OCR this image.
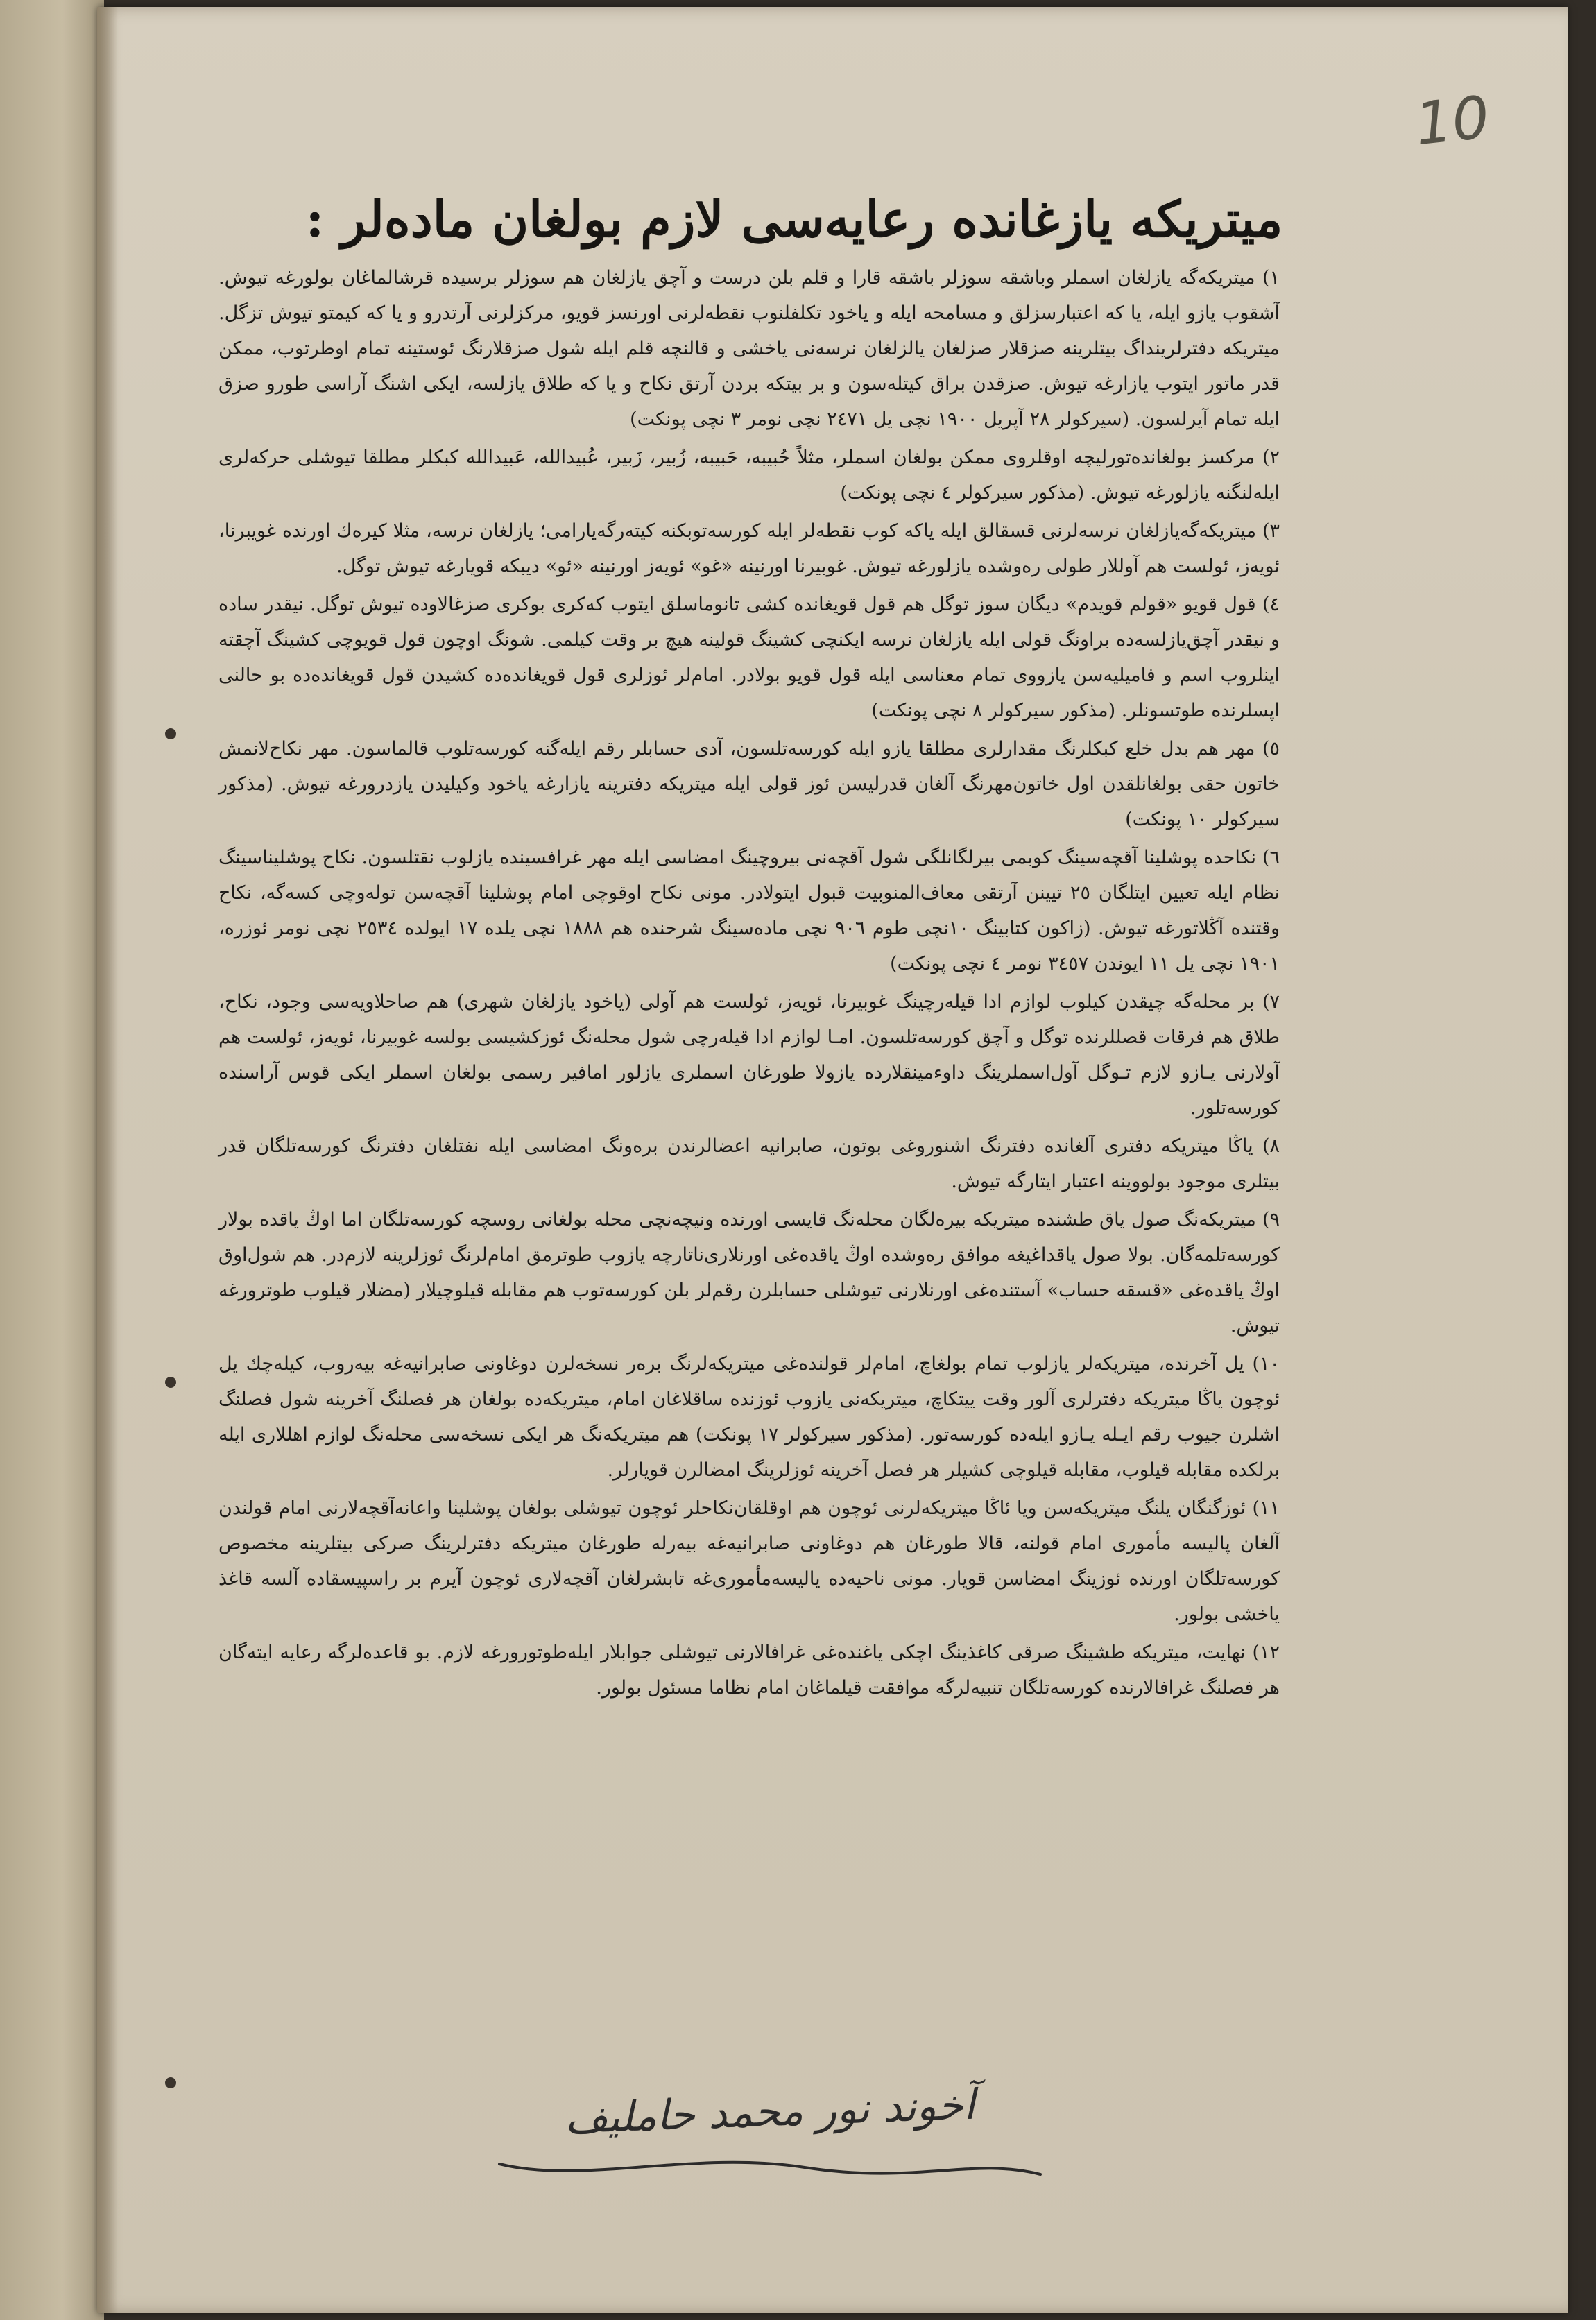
10
میتریکه یازغانده رعایه‌سی لازم بولغان ماده‌لر :

١) میتریکه‌گه یازلغان اسملر وباشقه سوزلر باشقه قارا و قلم بلن درست و آچق یازلغان هم سوزلر برسیده قرشالماغان بولورغه تیوش. آشقوب یازو ایله، یا که اعتبارسزلق و مسامحه ایله و یاخود تکلفلنوب نقطه‌لرنی اورنسز قویو، مرکزلرنی آرتدرو و یا که کیمتو تیوش تزگل. میتریکه دفترلرینداگ بیتلرینه صزقلار صزلغان یالزلغان نرسه‌نی یاخشی و قالنچه قلم ایله شول صزقلارنگ ئوستینه تمام اوطرتوب، ممکن قدر ماتور ایتوب یازارغه تیوش. صزقدن براق کیتله‌سون و بر بیتکه بردن آرتق نکاح و یا که طلاق یازلسه، ایکی اشنگ آراسی طورو صزق ایله تمام آیرلسون. (سیرکولر ٢٨ آپریل ١٩٠٠ نچی یل ٢٤٧١ نچی نومر ٣ نچی پونکت)

٢) مرکسز بولغانده‌تورلیچه اوقلروی ممکن بولغان اسملر، مثلاً حُبیبه، حَبیبه، زُبیر، زَبیر، عُبیدالله، عَبیدالله کبکلر مطلقا تیوشلی حرکه‌لری ایله‌لنگنه یازلورغه تیوش. (مذکور سیرکولر ٤ نچی پونکت)

٣) میتریکه‌گه‌یازلغان نرسه‌لرنی قسقالق ایله یاکه کوب نقطه‌لر ایله کورسه‌توبکنه کیته‌رگه‌یارامی؛ یازلغان نرسه، مثلا کیره‌ك اورنده غویبرنا، ئویه‌ز، ئولست هم آوللار طولی رەوشده یازلورغه تیوش. غوبیرنا اورنینه «غو» ئویه‌ز اورنینه «ئو» دیبکه قویارغه تیوش توگل.

٤) قول قویو «قولم قویدم» دیگان سوز توگل هم قول قویغانده کشی تانوماسلق ایتوب کەکری بوکری صزغالاوده تیوش توگل. نیقدر ساده و نیقدر آچق‌یازلسه‌ده براونگ قولی ایله یازلغان نرسه ایکنچی کشینگ قولینه هیچ بر وقت کیلمی. شونگ اوچون قول قویوچی کشینگ آچقته اینلروب اسم و فامیلیه‌سن یازووی تمام معناسی ایله قول قویو بولادر. امام‌لر ئوزلری قول قویغانده‌ده کشیدن قول قویغانده‌ده بو حالنی اپسلرنده طوتسونلر. (مذکور سیرکولر ٨ نچی پونکت)

٥) مهر هم بدل خلع کبکلرنگ مقدارلری مطلقا یازو ایله کورسه‌تلسون، آدی حسابلر رقم ایله‌گنه کورسه‌تلوب قالماسون. مهر نکاح‌لانمش خاتون حقی بولغانلقدن اول خاتون‌مهرنگ آلغان قدرلیسن ئوز قولی ایله میتریکه دفترینه یازارغه یاخود وکیلیدن یازدرورغه تیوش. (مذکور سیرکولر ١٠ پونکت)

٦) نکاحده پوشلینا آقچه‌سینگ کوبمی بیرلگانلگی شول آقچه‌نی بیروچینگ امضاسی ایله مهر غرافسینده یازلوب نقتلسون. نکاح پوشلیناسینگ نظام ایله تعیین ایتلگان ٢٥ تیینن آرتقی معاف‌المنوبیت قبول ایتولادر. مونی نکاح اوقوچی امام پوشلینا آقچه‌سن تولەوچی کسەگه، نکاح وقتنده آڭلاتورغه تیوش. (زاکون کتابینگ ١٠نچی طوم ٩٠٦ نچی ماده‌سینگ شرحنده هم ١٨٨٨ نچی یلده ١٧ ایولده ٢٥٣٤ نچی نومر ئوزره، ١٩٠١ نچی یل ١١ ایوندن ٣٤٥٧ نومر ٤ نچی پونکت)

٧) بر محله‌گه چیقدن کیلوب لوازم ادا قیلەرچینگ غوبیرنا، ئویه‌ز، ئولست هم آولی (یاخود یازلغان شهری) هم صاحلاویه‌سی وجود، نکاح، طلاق هم فرقات قصللرنده توگل و آچق کورسه‌تلسون. امـا لوازم ادا قیلەرچی شول محله‌نگ ئوزکشیسی بولسه غوبیرنا، ئویه‌ز، ئولست هم آولارنی یـازو لازم تـوگل آول‌اسملرینگ داوءمینقلاردە یازولا طورغان اسملری یازلور امافیر رسمی بولغان اسملر ایکی قوس آراسنده کورسه‌تلور.

٨) یاڭا میتریکه دفتری آلغانده دفترنگ اشنوروغی بوتون، صابرانیه اعضالرندن برەونگ امضاسی ایله نفتلغان دفترنگ کورسه‌تلگان قدر بیتلری موجود بولووینه اعتبار ایتارگه تیوش.

٩) میتریکه‌نگ صول یاق طشنده میتریکه بیره‌لگان محله‌نگ قایسی اورنده ونیچه‌نچی محله بولغانی روسچه کورسه‌تلگان اما اوڭ یاقده بولار کورسه‌تلمه‌گان. بولا صول یاقداغیغه موافق رەوشده اوڭ یاقدەغی اورنلاری‌ناتارچه یازوب طوترمق امام‌لرنگ ئوزلرینه لازم‌در. هم شول‌اوق اوڭ یاقدەغی «قسقه حساب» آستنده‌غی اورنلارنی تیوشلی حسابلرن رقم‌لر بلن کورسه‌توب هم مقابله قیلوچیلار (مضلار قیلوب طوترورغه تیوش.

١٠) یل آخرنده، میتریکه‌لر یازلوب تمام بولغاچ، امام‌لر قولنده‌غی میتریکه‌لرنگ بره‌ر نسخه‌لرن دوغاونی صابرانیه‌غه بیه‌روب، کیله‌چك یل ئوچون یاڭا میتریکه دفترلری آلور وقت ییتکاچ، میتریکه‌نی یازوب ئوزنده ساقلاغان امام، میتریکه‌ده بولغان هر فصلنگ آخرینه شول فصلنگ اشلرن جیوب رقم ایـله یـازو ایله‌ده کورسه‌تور. (مذکور سیرکولر ١٧ پونکت) هم میتریکه‌نگ هر ایکی نسخه‌سی محله‌نگ لوازم اهللاری ایله برلکده مقابله قیلوب، مقابله قیلوچی کشیلر هر فصل آخرینه ئوزلرینگ امضالرن قویارلر.

١١) ئوزگنگان یلنگ میتریکه‌سن ویا ئاڭا میتریکه‌لرنی ئوچون هم اوقلقان‌نکاحلر ئوچون تیوشلی بولغان پوشلینا واعانه‌آقچه‌لارنی امام قولندن آلغان پالیسه مأموری امام قولنه، قالا طورغان هم دوغاونی صابرانیه‌غه بیه‌رله طورغان میتریکه دفترلرینگ صرکی بیتلرینه مخصوص کورسه‌تلگان اورنده ئوزینگ امضاسن قویار. مونی ناحیه‌ده یالیسه‌مأموری‌غه تابشرلغان آقچه‌لاری ئوچون آیرم بر راسپیسقاده آلسه قاغذ یاخشی بولور.

١٢) نهایت، میتریکه طشینگ صرقی کاغذینگ اچکی یاغنده‌غی غرافالارنی تیوشلی جوابلار ایله‌طوتورورغه لازم. بو قاعده‌لرگه رعایه ایته‌گان هر فصلنگ غرافالارنده کورسه‌تلگان تنبیه‌لرگه موافقت قیلماغان امام نظاما مسئول بولور.

آخوند نور محمد حاملیف
